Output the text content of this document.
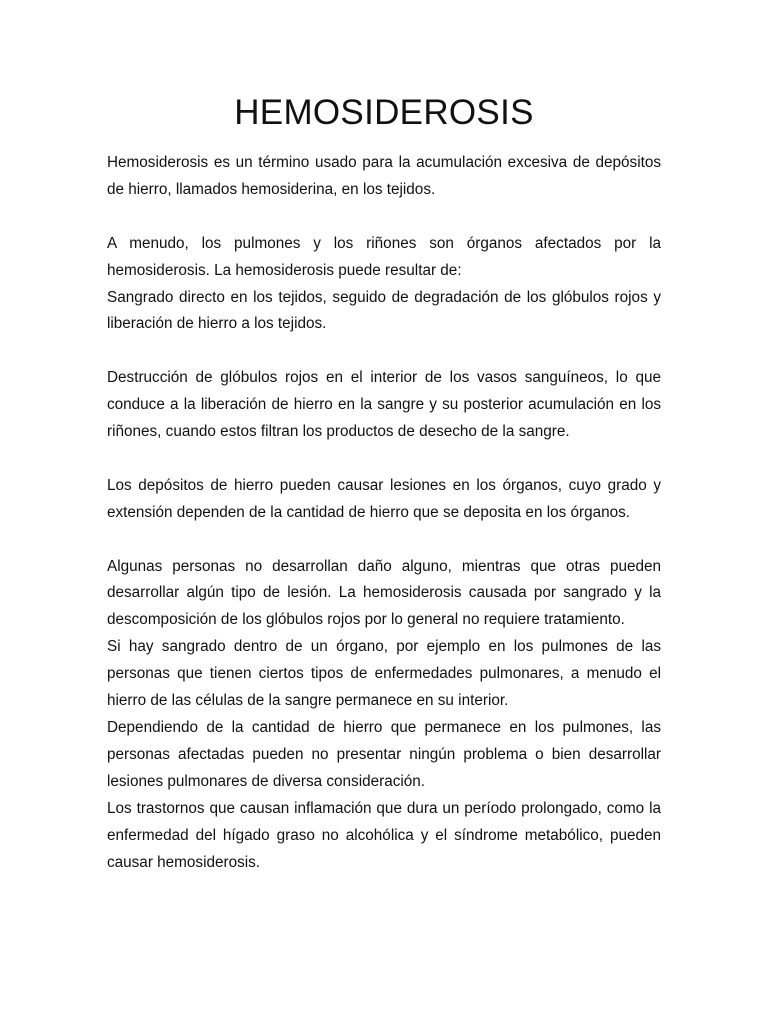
HEMOSIDEROSIS

Hemosiderosis es un término usado para la acumulación excesiva de depósitos de hierro, llamados hemosiderina, en los tejidos.

A menudo, los pulmones y los riñones son órganos afectados por la hemosiderosis. La hemosiderosis puede resultar de:

Sangrado directo en los tejidos, seguido de degradación de los glóbulos rojos y liberación de hierro a los tejidos.

Destrucción de glóbulos rojos en el interior de los vasos sanguíneos, lo que conduce a la liberación de hierro en la sangre y su posterior acumulación en los riñones, cuando estos filtran los productos de desecho de la sangre.

Los depósitos de hierro pueden causar lesiones en los órganos, cuyo grado y extensión dependen de la cantidad de hierro que se deposita en los órganos.

Algunas personas no desarrollan daño alguno, mientras que otras pueden desarrollar algún tipo de lesión. La hemosiderosis causada por sangrado y la descomposición de los glóbulos rojos por lo general no requiere tratamiento.

Si hay sangrado dentro de un órgano, por ejemplo en los pulmones de las personas que tienen ciertos tipos de enfermedades pulmonares, a menudo el hierro de las células de la sangre permanece en su interior.

Dependiendo de la cantidad de hierro que permanece en los pulmones, las personas afectadas pueden no presentar ningún problema o bien desarrollar lesiones pulmonares de diversa consideración.

Los trastornos que causan inflamación que dura un período prolongado, como la enfermedad del hígado graso no alcohólica y el síndrome metabólico, pueden causar hemosiderosis.
